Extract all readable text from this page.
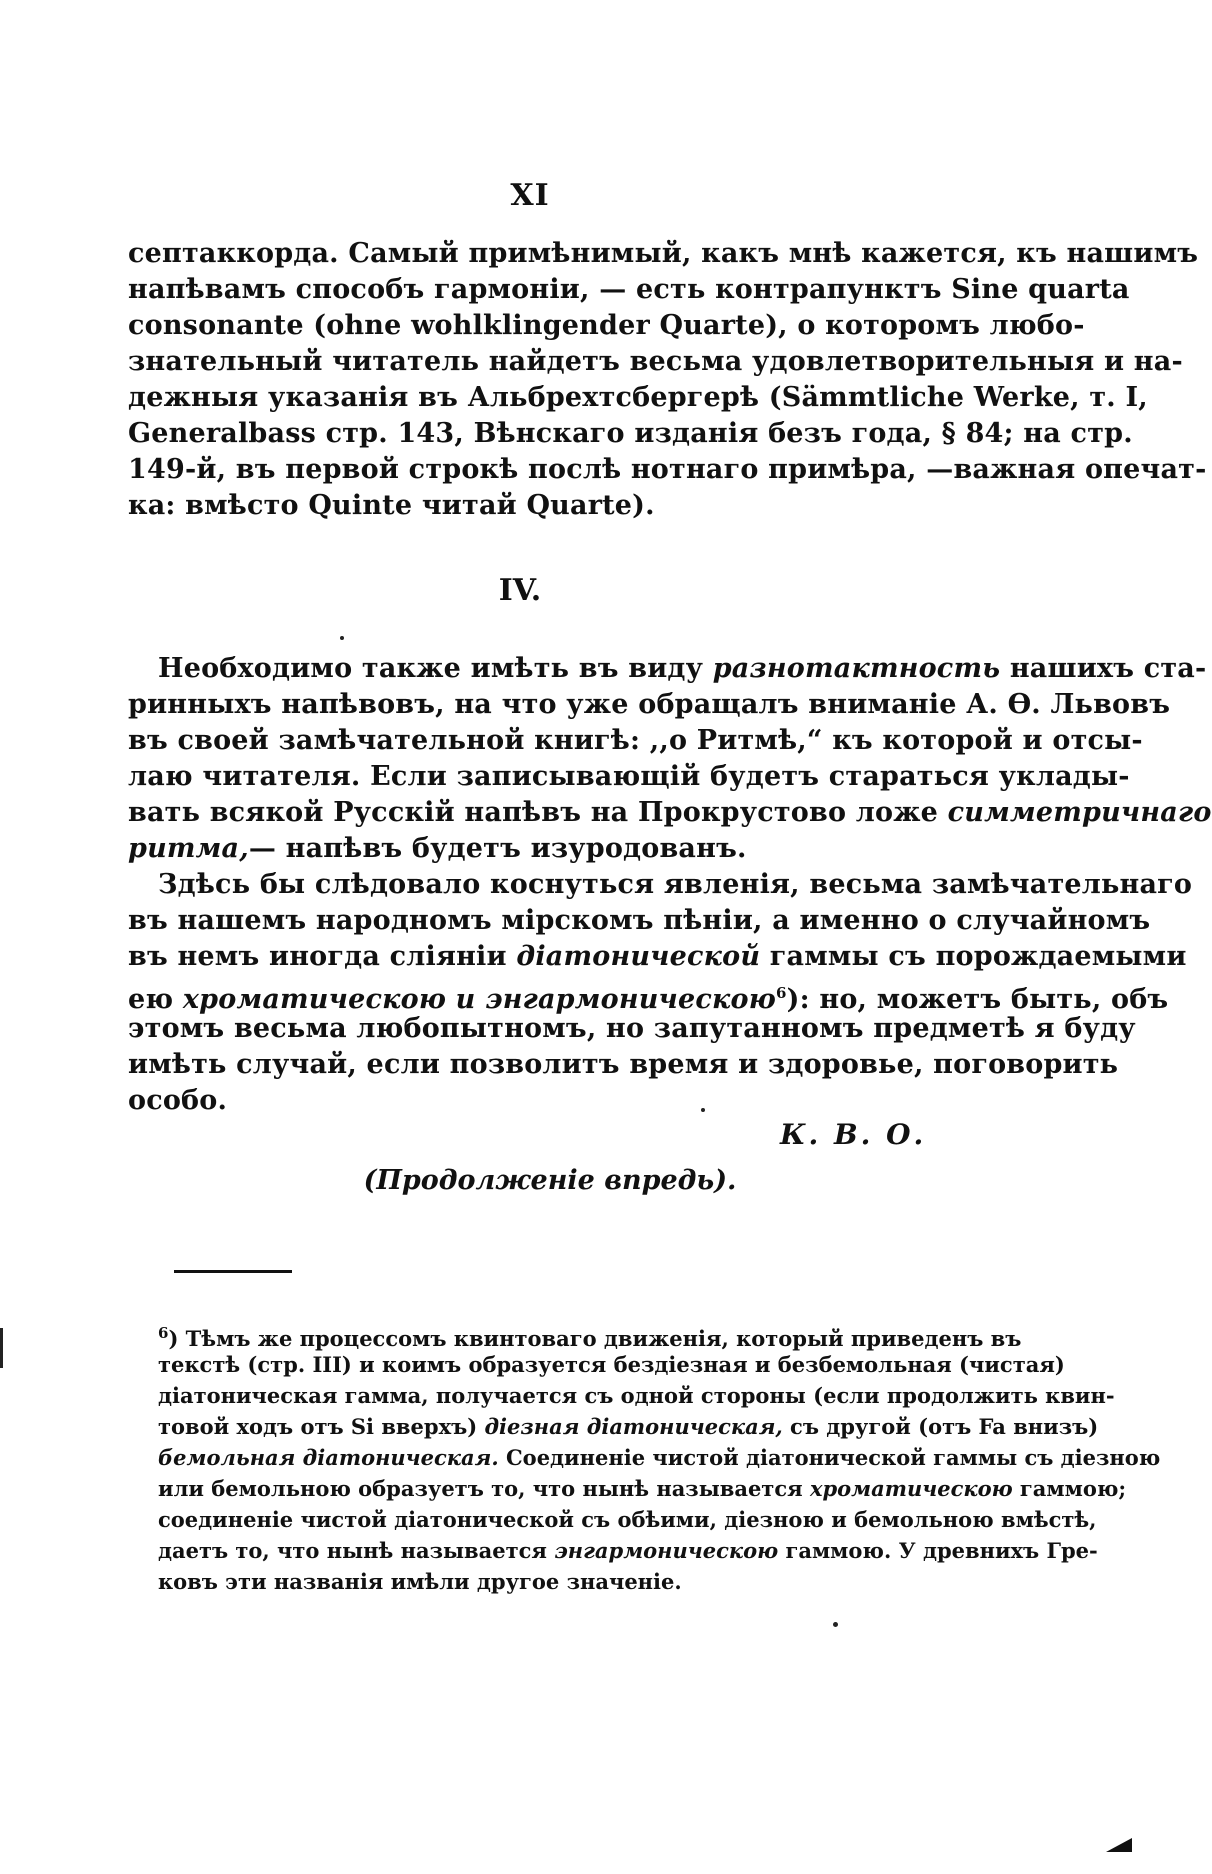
XI
септаккорда. Самый примѣнимый, какъ мнѣ кажется, къ нашимъ
напѣвамъ способъ гармоніи, — есть контрапунктъ Sine quarta
consonante (ohne wohlklingender Quarte), о которомъ любо-
знательный читатель найдетъ весьма удовлетворительныя и на-
дежныя указанія въ Альбрехтсбергерѣ (Sämmtliche Werke, т. I,
Generalbass стр. 143, Вѣнскаго изданія безъ года, § 84; на стр.
149-й, въ первой строкѣ послѣ нотнаго примѣра, —важная опечат-
ка: вмѣсто Quinte читай Quarte).
IV.
Необходимо также имѣть въ виду разнотактность нашихъ ста-
ринныхъ напѣвовъ, на что уже обращалъ вниманіе А. Ѳ. Львовъ
въ своей замѣчательной книгѣ: ,,о Ритмѣ,“ къ которой и отсы-
лаю читателя. Если записывающій будетъ стараться уклады-
вать всякой Русскій напѣвъ на Прокрустово ложе симметричнаго
ритма,— напѣвъ будетъ изуродованъ.
Здѣсь бы слѣдовало коснуться явленія, весьма замѣчательнаго
въ нашемъ народномъ мірскомъ пѣніи, а именно о случайномъ
въ немъ иногда сліяніи діатонической гаммы съ порождаемыми
ею хроматическою и энгармоническою$^6$): но, можетъ быть, объ
этомъ весьма любопытномъ, но запутанномъ предметѣ я буду
имѣть случай, если позволитъ время и здоровье, поговорить
особо.
К. В. О.
(Продолженіе впредь).
$^6$) Тѣмъ же процессомъ квинтоваго движенія, который приведенъ въ
текстѣ (стр. III) и коимъ образуется бездіезная и безбемольная (чистая)
діатоническая гамма, получается съ одной стороны (если продолжить квин-
товой ходъ отъ Si вверхъ) діезная діатоническая, съ другой (отъ Fa внизъ)
бемольная діатоническая. Соединеніе чистой діатонической гаммы съ діезною
или бемольною образуетъ то, что нынѣ называется хроматическою гаммою;
соединеніе чистой діатонической съ обѣими, діезною и бемольною вмѣстѣ,
даетъ то, что нынѣ называется энгармоническою гаммою. У древнихъ Гре-
ковъ эти названія имѣли другое значеніе.
